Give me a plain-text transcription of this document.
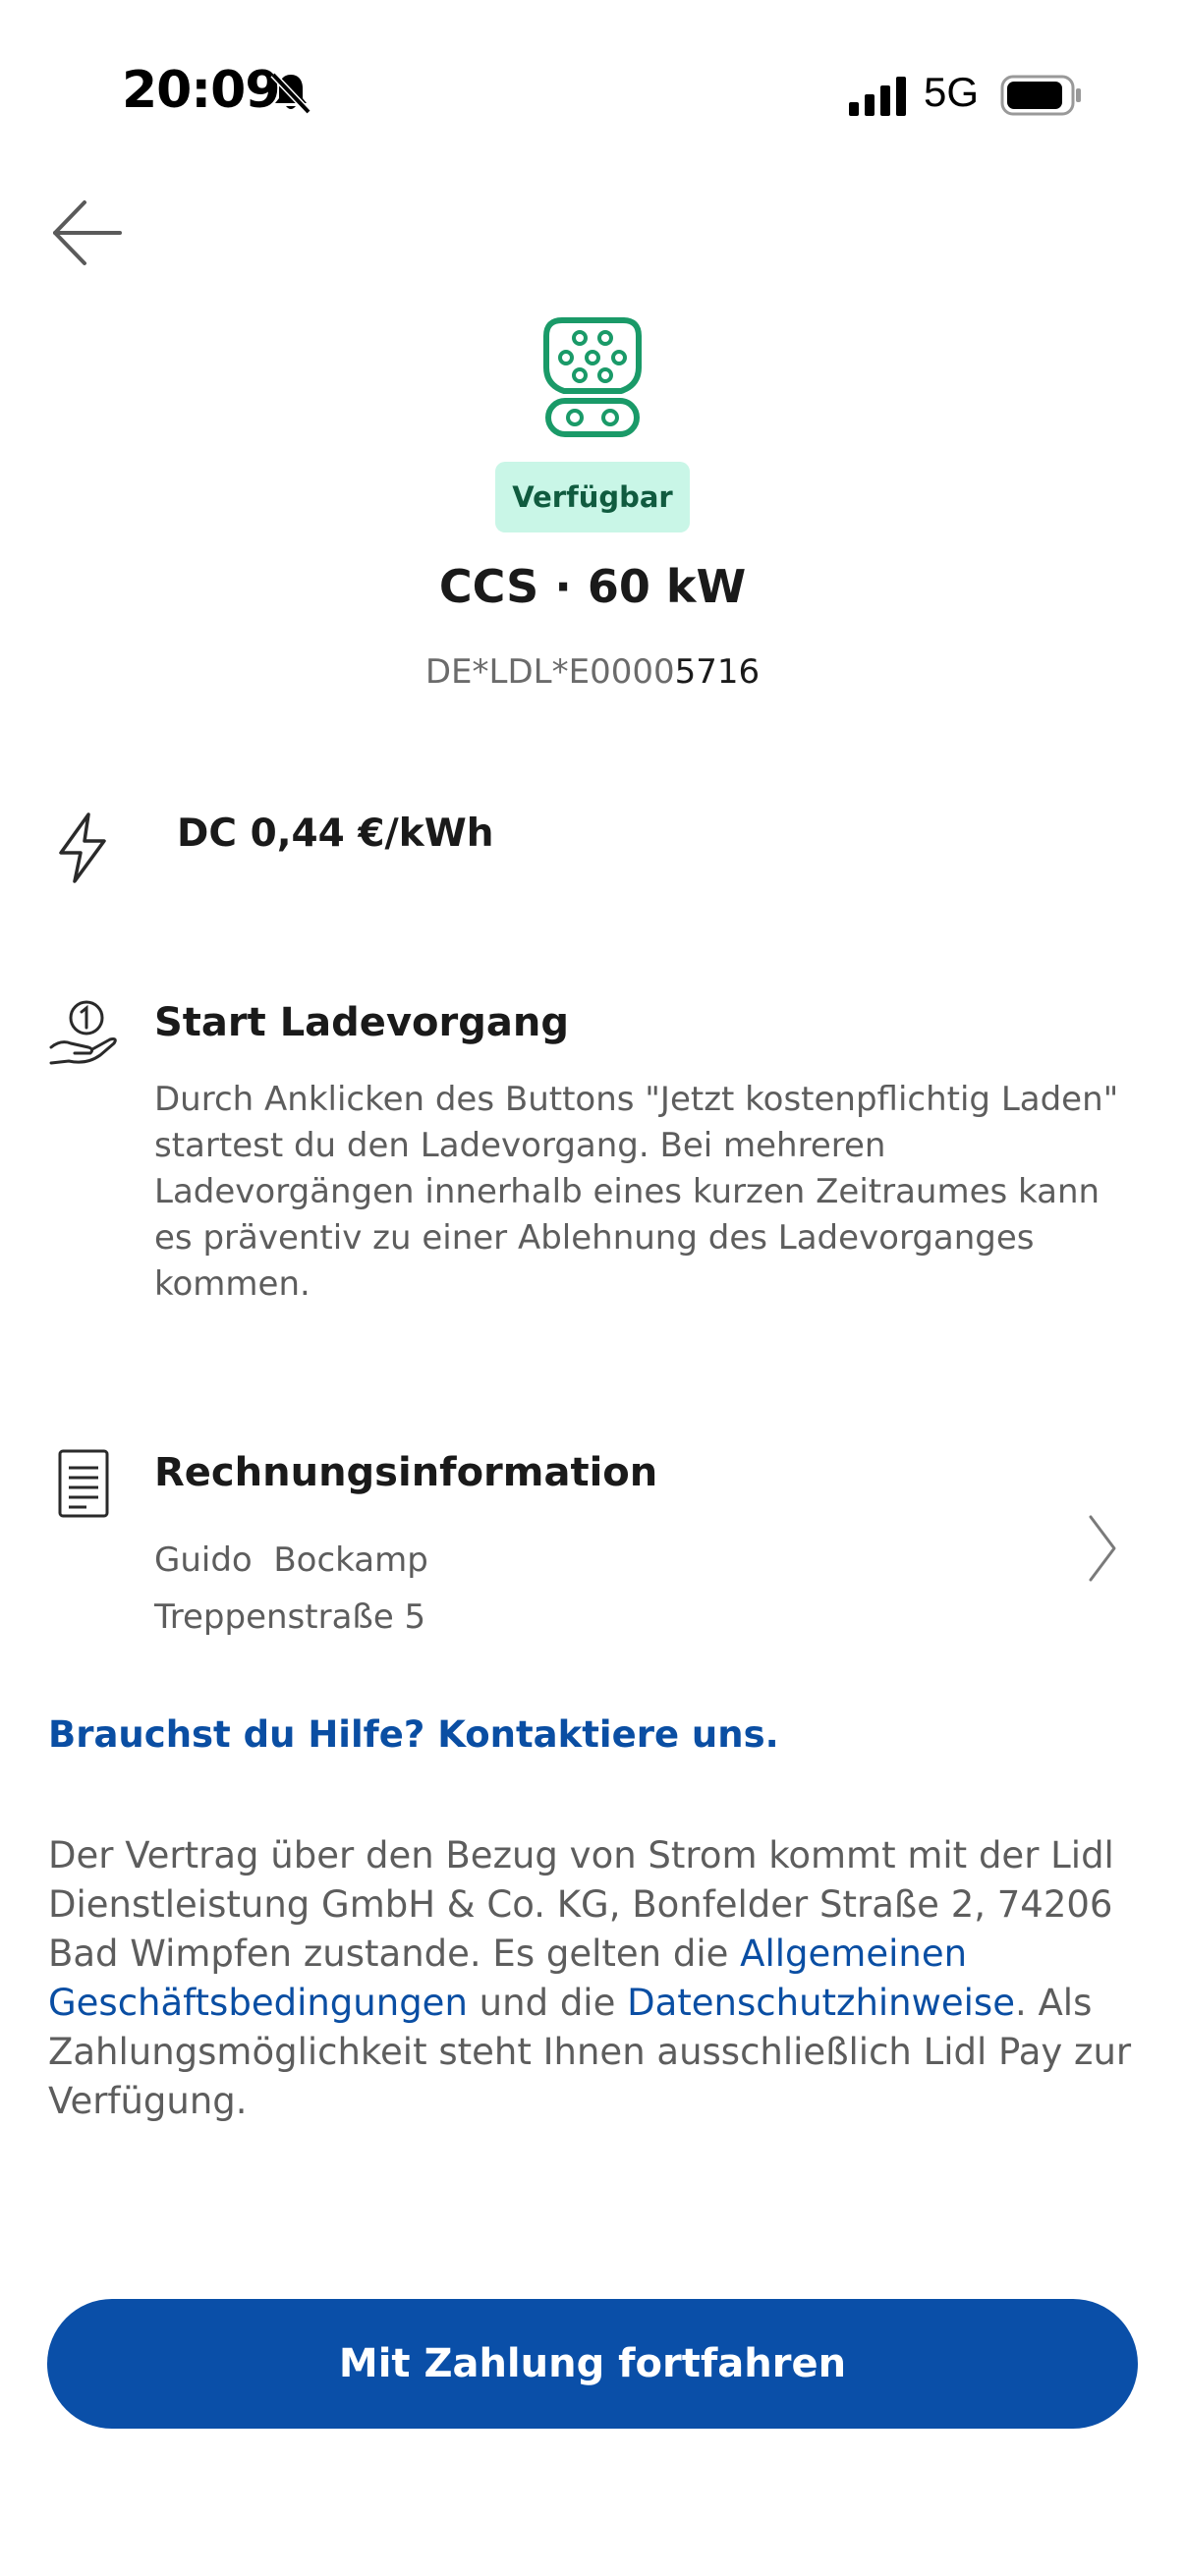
20:09	5G
Verfügbar
CCS · 60 kW
DE*LDL*E00005716
DC 0,44 €/kWh
Start Ladevorgang
Durch Anklicken des Buttons "Jetzt kostenpflichtig Laden" startest du den Ladevorgang. Bei mehreren Ladevorgängen innerhalb eines kurzen Zeitraumes kann es präventiv zu einer Ablehnung des Ladevorganges kommen.
Rechnungsinformation
Guido  Bockamp
Treppenstraße 5
Brauchst du Hilfe? Kontaktiere uns.
Der Vertrag über den Bezug von Strom kommt mit der Lidl Dienstleistung GmbH & Co. KG, Bonfelder Straße 2, 74206 Bad Wimpfen zustande. Es gelten die Allgemeinen Geschäftsbedingungen und die Datenschutzhinweise. Als Zahlungsmöglichkeit steht Ihnen ausschließlich Lidl Pay zur Verfügung.
Mit Zahlung fortfahren
